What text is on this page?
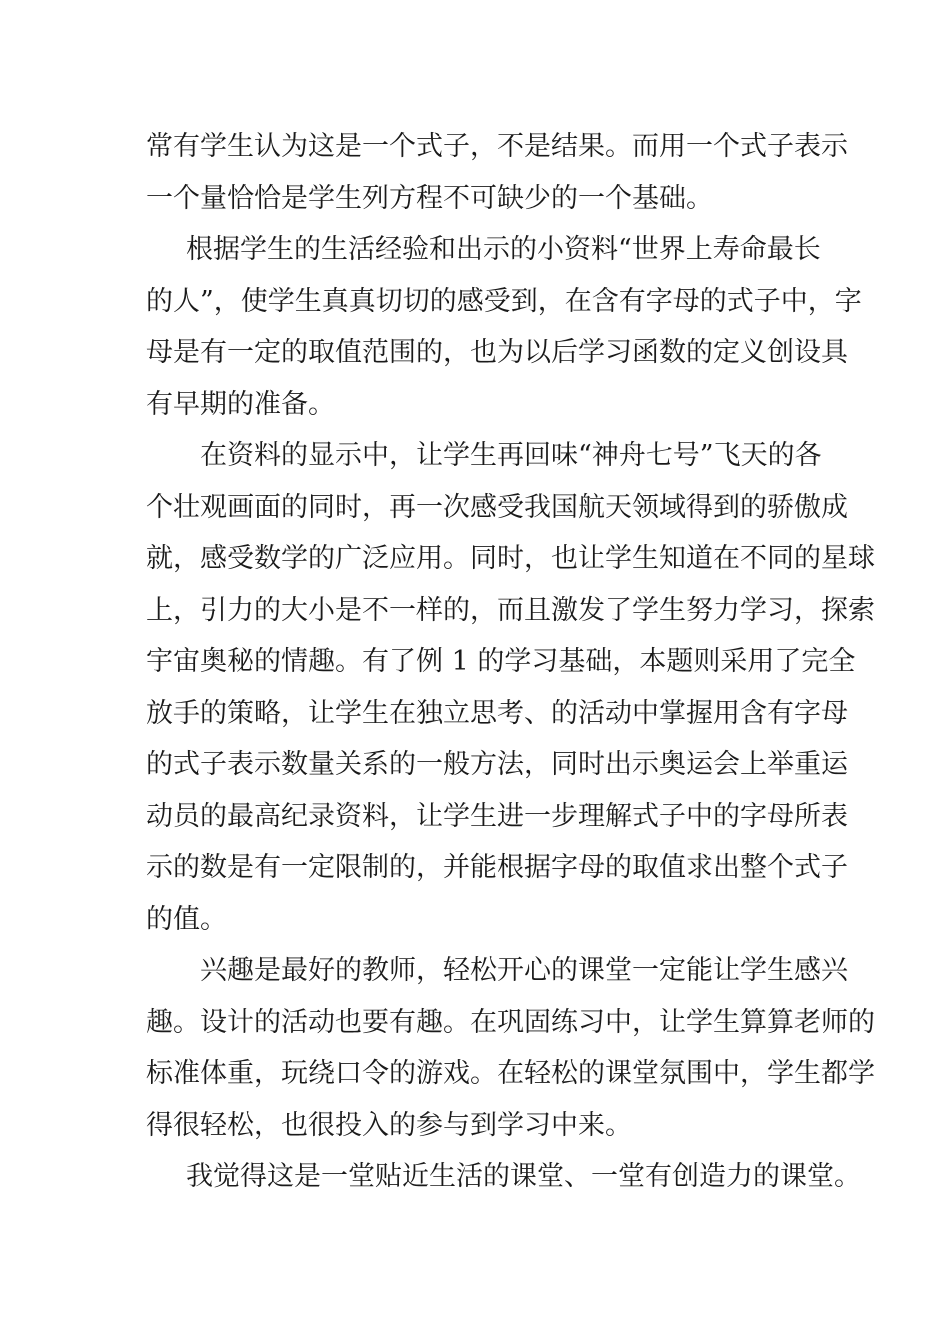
常有学生认为这是一个式子，不是结果。而用一个式子表示
一个量恰恰是学生列方程不可缺少的一个基础。
根据学生的生活经验和出示的小资料“世界上寿命最长
的人”，使学生真真切切的感受到，在含有字母的式子中，字
母是有一定的取值范围的，也为以后学习函数的定义创设具
有早期的准备。
在资料的显示中，让学生再回味“神舟七号”飞天的各
个壮观画面的同时，再一次感受我国航天领域得到的骄傲成
就，感受数学的广泛应用。同时，也让学生知道在不同的星球
上，引力的大小是不一样的，而且激发了学生努力学习，探索
宇宙奥秘的情趣。有了例 1 的学习基础，本题则采用了完全
放手的策略，让学生在独立思考、的活动中掌握用含有字母
的式子表示数量关系的一般方法，同时出示奥运会上举重运
动员的最高纪录资料，让学生进一步理解式子中的字母所表
示的数是有一定限制的，并能根据字母的取值求出整个式子
的值。
兴趣是最好的教师，轻松开心的课堂一定能让学生感兴
趣。设计的活动也要有趣。在巩固练习中，让学生算算老师的
标准体重，玩绕口令的游戏。在轻松的课堂氛围中，学生都学
得很轻松，也很投入的参与到学习中来。
我觉得这是一堂贴近生活的课堂、一堂有创造力的课堂。
